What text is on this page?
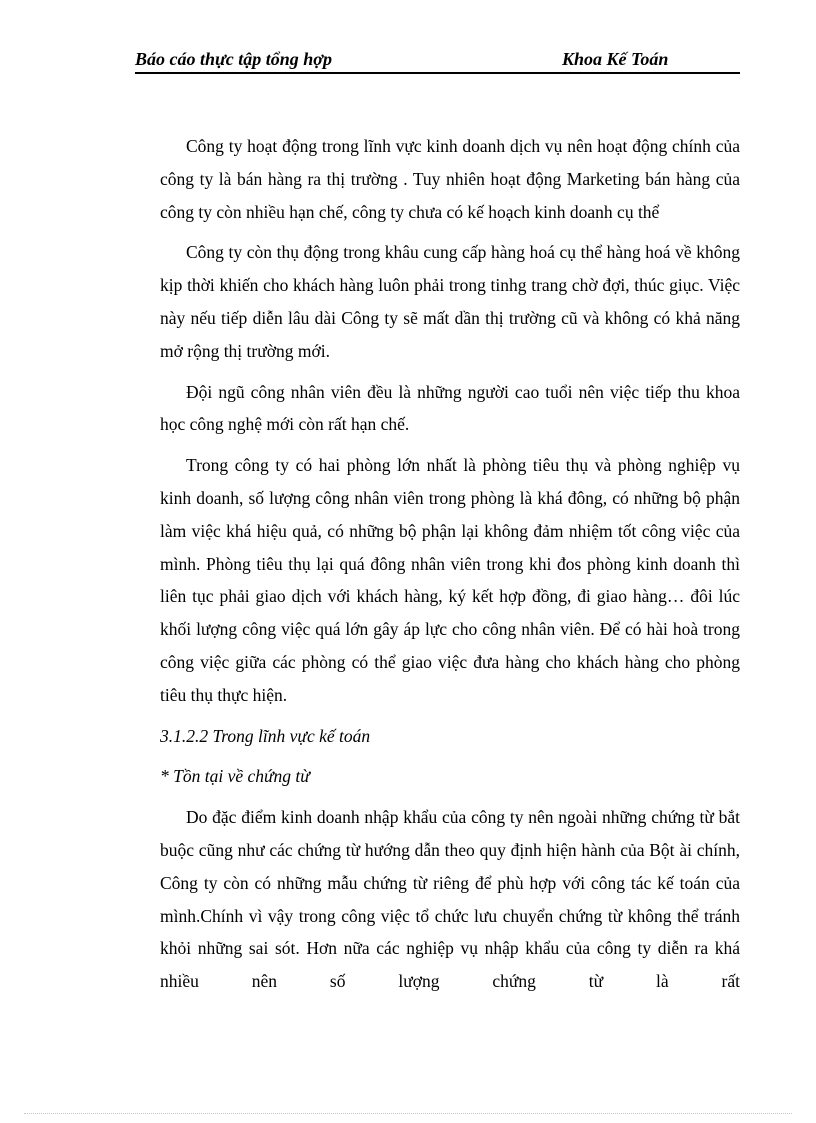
Báo cáo thực tập tổng hợp	Khoa Kế Toán

Công ty hoạt động trong lĩnh vực kinh doanh dịch vụ nên hoạt động chính của công ty là bán hàng ra thị trường . Tuy nhiên hoạt động Marketing bán hàng của công ty còn nhiều hạn chế, công ty chưa có kế hoạch kinh doanh cụ thể

Công ty còn thụ động trong khâu cung cấp hàng hoá cụ thể hàng hoá về không kịp thời khiến cho khách hàng luôn phải trong tinhg trang chờ đợi, thúc giục. Việc này nếu tiếp diễn lâu dài Công ty sẽ mất dần thị trường cũ và không có khả năng mở rộng thị trường mới.

Đội ngũ công nhân viên đều là những người cao tuổi nên việc tiếp thu khoa học công nghệ mới còn rất hạn chế.

Trong công ty có hai phòng lớn nhất là phòng tiêu thụ và phòng nghiệp vụ kinh doanh, số lượng công nhân viên trong phòng là khá đông, có những bộ phận làm việc khá hiệu quả, có những bộ phận lại không đảm nhiệm tốt công việc của mình. Phòng tiêu thụ lại quá đông nhân viên trong khi đos phòng kinh doanh thì liên tục phải giao dịch với khách hàng, ký kết hợp đồng, đi giao hàng… đôi lúc khối lượng công việc quá lớn gây áp lực cho công nhân viên. Để có hài hoà trong công việc giữa các phòng có thể giao việc đưa hàng cho khách hàng cho phòng tiêu thụ thực hiện.

3.1.2.2 Trong lĩnh vực kế toán

* Tồn tại về chứng từ

Do đặc điểm kinh doanh nhập khẩu của công ty nên ngoài những chứng từ bắt buộc cũng như các chứng từ hướng dẫn theo quy định hiện hành của Bột ài chính, Công ty còn có những mẫu chứng từ riêng để phù hợp với công tác kế toán của mình.Chính vì vậy trong công việc tổ chức lưu chuyển chứng từ không thể tránh khỏi những sai sót. Hơn nữa các nghiệp vụ nhập khẩu của công ty diễn ra khá nhiều nên số lượng chứng từ là rất
